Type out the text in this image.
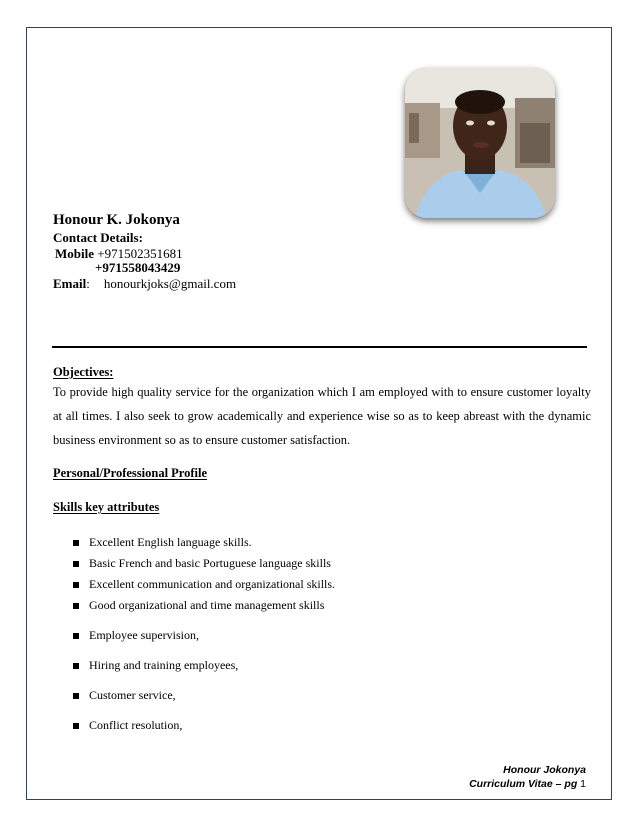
Honour K. Jokonya
Contact Details:
Mobile +971502351681
+971558043429
Email: honourkjoks@gmail.com
Objectives:
To provide high quality service for the organization which I am employed with to ensure customer loyalty at all times. I also seek to grow academically and experience wise so as to keep abreast with the dynamic business environment so as to ensure customer satisfaction.
Personal/Professional Profile
Skills key attributes
Excellent English language skills.
Basic French and basic Portuguese language skills
Excellent communication and organizational skills.
Good organizational and time management skills
Employee supervision,
Hiring and training employees,
Customer service,
Conflict resolution,
Honour Jokonya
Curriculum Vitae – pg 1
